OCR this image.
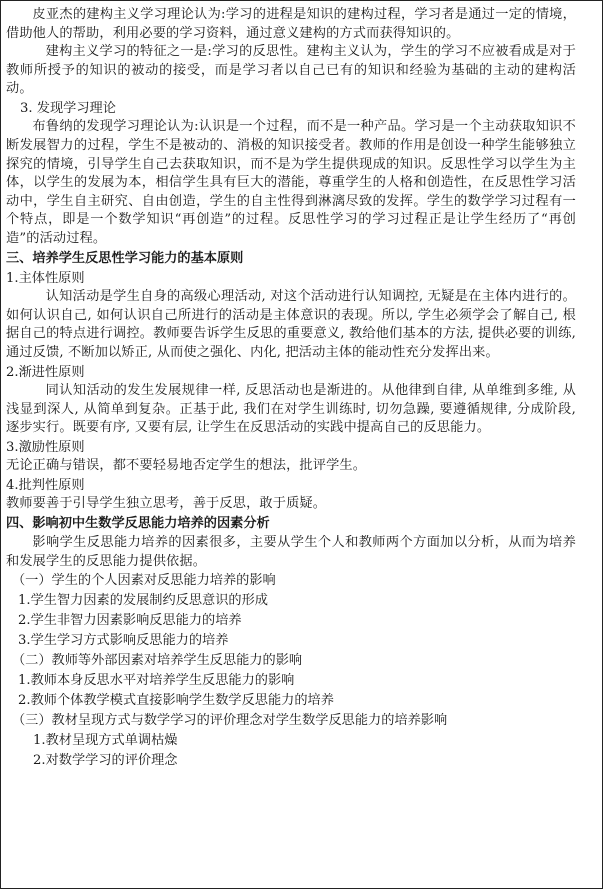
皮亚杰的建构主义学习理论认为:学习的进程是知识的建构过程，学习者是通过一定的情境，借助他人的帮助，利用必要的学习资料，通过意义建构的方式而获得知识的。

建构主义学习的特征之一是:学习的反思性。建构主义认为，学生的学习不应被看成是对于教师所授予的知识的被动的接受，而是学习者以自己已有的知识和经验为基础的主动的建构活动。

3. 发现学习理论

布鲁纳的发现学习理论认为:认识是一个过程，而不是一种产品。学习是一个主动获取知识不断发展智力的过程，学生不是被动的、消极的知识接受者。教师的作用是创设一种学生能够独立探究的情境，引导学生自己去获取知识，而不是为学生提供现成的知识。反思性学习以学生为主体，以学生的发展为本，相信学生具有巨大的潜能，尊重学生的人格和创造性，在反思性学习活动中，学生自主研究、自由创造，学生的自主性得到淋漓尽致的发挥。学生的数学学习过程有一个特点，即是一个数学知识“再创造”的过程。反思性学习的学习过程正是让学生经历了“再创造”的活动过程。

三、培养学生反思性学习能力的基本原则

1.主体性原则

认知活动是学生自身的高级心理活动, 对这个活动进行认知调控, 无疑是在主体内进行的。如何认识自己, 如何认识自己所进行的活动是主体意识的表现。所以, 学生必须学会了解自己, 根据自己的特点进行调控。教师要告诉学生反思的重要意义, 教给他们基本的方法, 提供必要的训练, 通过反馈, 不断加以矫正, 从而使之强化、内化, 把活动主体的能动性充分发挥出来。

2.渐进性原则

同认知活动的发生发展规律一样, 反思活动也是渐进的。从他律到自律, 从单维到多维, 从浅显到深人, 从简单到复杂。正基于此, 我们在对学生训练时, 切勿急躁, 要遵循规律, 分成阶段, 逐步实行。既要有序, 又要有层, 让学生在反思活动的实践中提高自己的反思能力。

3.激励性原则

无论正确与错误，都不要轻易地否定学生的想法，批评学生。

4.批判性原则

教师要善于引导学生独立思考，善于反思，敢于质疑。

四、影响初中生数学反思能力培养的因素分析

影响学生反思能力培养的因素很多，主要从学生个人和教师两个方面加以分析，从而为培养和发展学生的反思能力提供依据。

（一）学生的个人因素对反思能力培养的影响

1.学生智力因素的发展制约反思意识的形成

2.学生非智力因素影响反思能力的培养

3.学生学习方式影响反思能力的培养

（二）教师等外部因素对培养学生反思能力的影响

1.教师本身反思水平对培养学生反思能力的影响

2.教师个体教学模式直接影响学生数学反思能力的培养

（三）教材呈现方式与数学学习的评价理念对学生数学反思能力的培养影响

1.教材呈现方式单调枯燥

2.对数学学习的评价理念
